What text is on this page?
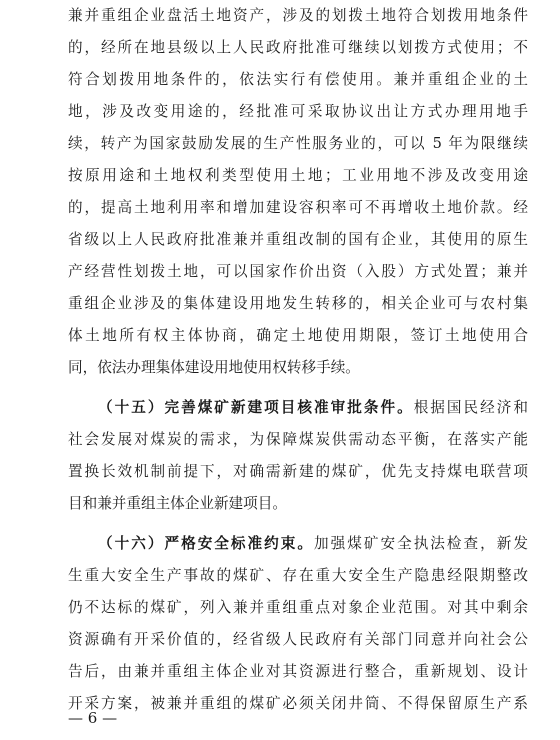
兼并重组企业盘活土地资产，涉及的划拨土地符合划拨用地条件
的，经所在地县级以上人民政府批准可继续以划拨方式使用；不
符合划拨用地条件的，依法实行有偿使用。兼并重组企业的土
地，涉及改变用途的，经批准可采取协议出让方式办理用地手
续，转产为国家鼓励发展的生产性服务业的，可以 5 年为限继续
按原用途和土地权利类型使用土地；工业用地不涉及改变用途
的，提高土地利用率和增加建设容积率可不再增收土地价款。经
省级以上人民政府批准兼并重组改制的国有企业，其使用的原生
产经营性划拨土地，可以国家作价出资（入股）方式处置；兼并
重组企业涉及的集体建设用地发生转移的，相关企业可与农村集
体土地所有权主体协商，确定土地使用期限，签订土地使用合
同，依法办理集体建设用地使用权转移手续。
（十五）完善煤矿新建项目核准审批条件。根据国民经济和
社会发展对煤炭的需求，为保障煤炭供需动态平衡，在落实产能
置换长效机制前提下，对确需新建的煤矿，优先支持煤电联营项
目和兼并重组主体企业新建项目。
（十六）严格安全标准约束。加强煤矿安全执法检查，新发
生重大安全生产事故的煤矿、存在重大安全生产隐患经限期整改
仍不达标的煤矿，列入兼并重组重点对象企业范围。对其中剩余
资源确有开采价值的，经省级人民政府有关部门同意并向社会公
告后，由兼并重组主体企业对其资源进行整合，重新规划、设计
开采方案，被兼并重组的煤矿必须关闭井筒、不得保留原生产系
— 6 —
